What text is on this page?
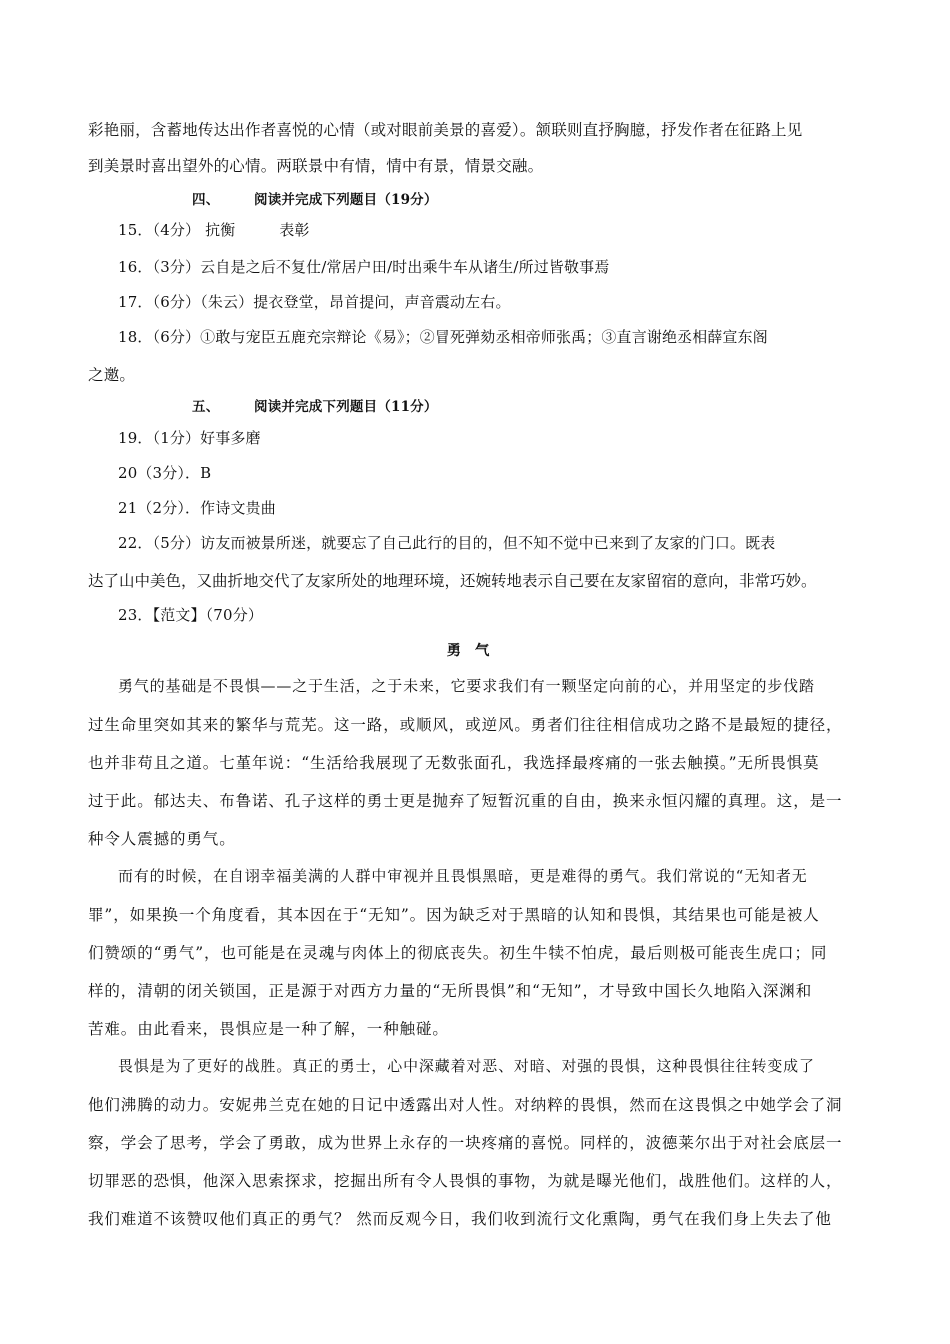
彩艳丽，含蓄地传达出作者喜悦的心情（或对眼前美景的喜爱）。颔联则直抒胸臆，抒发作者在征路上见
到美景时喜出望外的心情。两联景中有情，情中有景，情景交融。
四、	阅读并完成下列题目（19分）
15．（4分） 抗衡	表彰
16．（3分）云自是之后不复仕/常居户田/时出乘牛车从诸生/所过皆敬事焉
17．（6分）（朱云）提衣登堂，昂首提问，声音震动左右。
18．（6分）①敢与宠臣五鹿充宗辩论《易》；②冒死弹劾丞相帝师张禹；③直言谢绝丞相薛宣东阁
之邀。
五、	阅读并完成下列题目（11分）
19．（1分）好事多磨
20（3分）．B
21（2分）．作诗文贵曲
22．（5分）访友而被景所迷，就要忘了自己此行的目的，但不知不觉中已来到了友家的门口。既表
达了山中美色，又曲折地交代了友家所处的地理环境，还婉转地表示自己要在友家留宿的意向，非常巧妙。
23．【范文】（70分）
勇气
勇气的基础是不畏惧——之于生活，之于未来，它要求我们有一颗坚定向前的心，并用坚定的步伐踏
过生命里突如其来的繁华与荒芜。这一路，或顺风，或逆风。勇者们往往相信成功之路不是最短的捷径，
也并非苟且之道。七堇年说：“生活给我展现了无数张面孔，我选择最疼痛的一张去触摸。”无所畏惧莫
过于此。郁达夫、布鲁诺、孔子这样的勇士更是抛弃了短暂沉重的自由，换来永恒闪耀的真理。这，是一
种令人震撼的勇气。
而有的时候，在自诩幸福美满的人群中审视并且畏惧黑暗，更是难得的勇气。我们常说的“无知者无
罪”，如果换一个角度看，其本因在于“无知”。因为缺乏对于黑暗的认知和畏惧，其结果也可能是被人
们赞颂的“勇气”，也可能是在灵魂与肉体上的彻底丧失。初生牛犊不怕虎，最后则极可能丧生虎口；同
样的，清朝的闭关锁国，正是源于对西方力量的“无所畏惧”和“无知”，才导致中国长久地陷入深渊和
苦难。由此看来，畏惧应是一种了解，一种触碰。
畏惧是为了更好的战胜。真正的勇士，心中深藏着对恶、对暗、对强的畏惧，这种畏惧往往转变成了
他们沸腾的动力。安妮弗兰克在她的日记中透露出对人性。对纳粹的畏惧，然而在这畏惧之中她学会了洞
察，学会了思考，学会了勇敢，成为世界上永存的一块疼痛的喜悦。同样的，波德莱尔出于对社会底层一
切罪恶的恐惧，他深入思索探求，挖掘出所有令人畏惧的事物，为就是曝光他们，战胜他们。这样的人，
我们难道不该赞叹他们真正的勇气？ 然而反观今日，我们收到流行文化熏陶，勇气在我们身上失去了他
